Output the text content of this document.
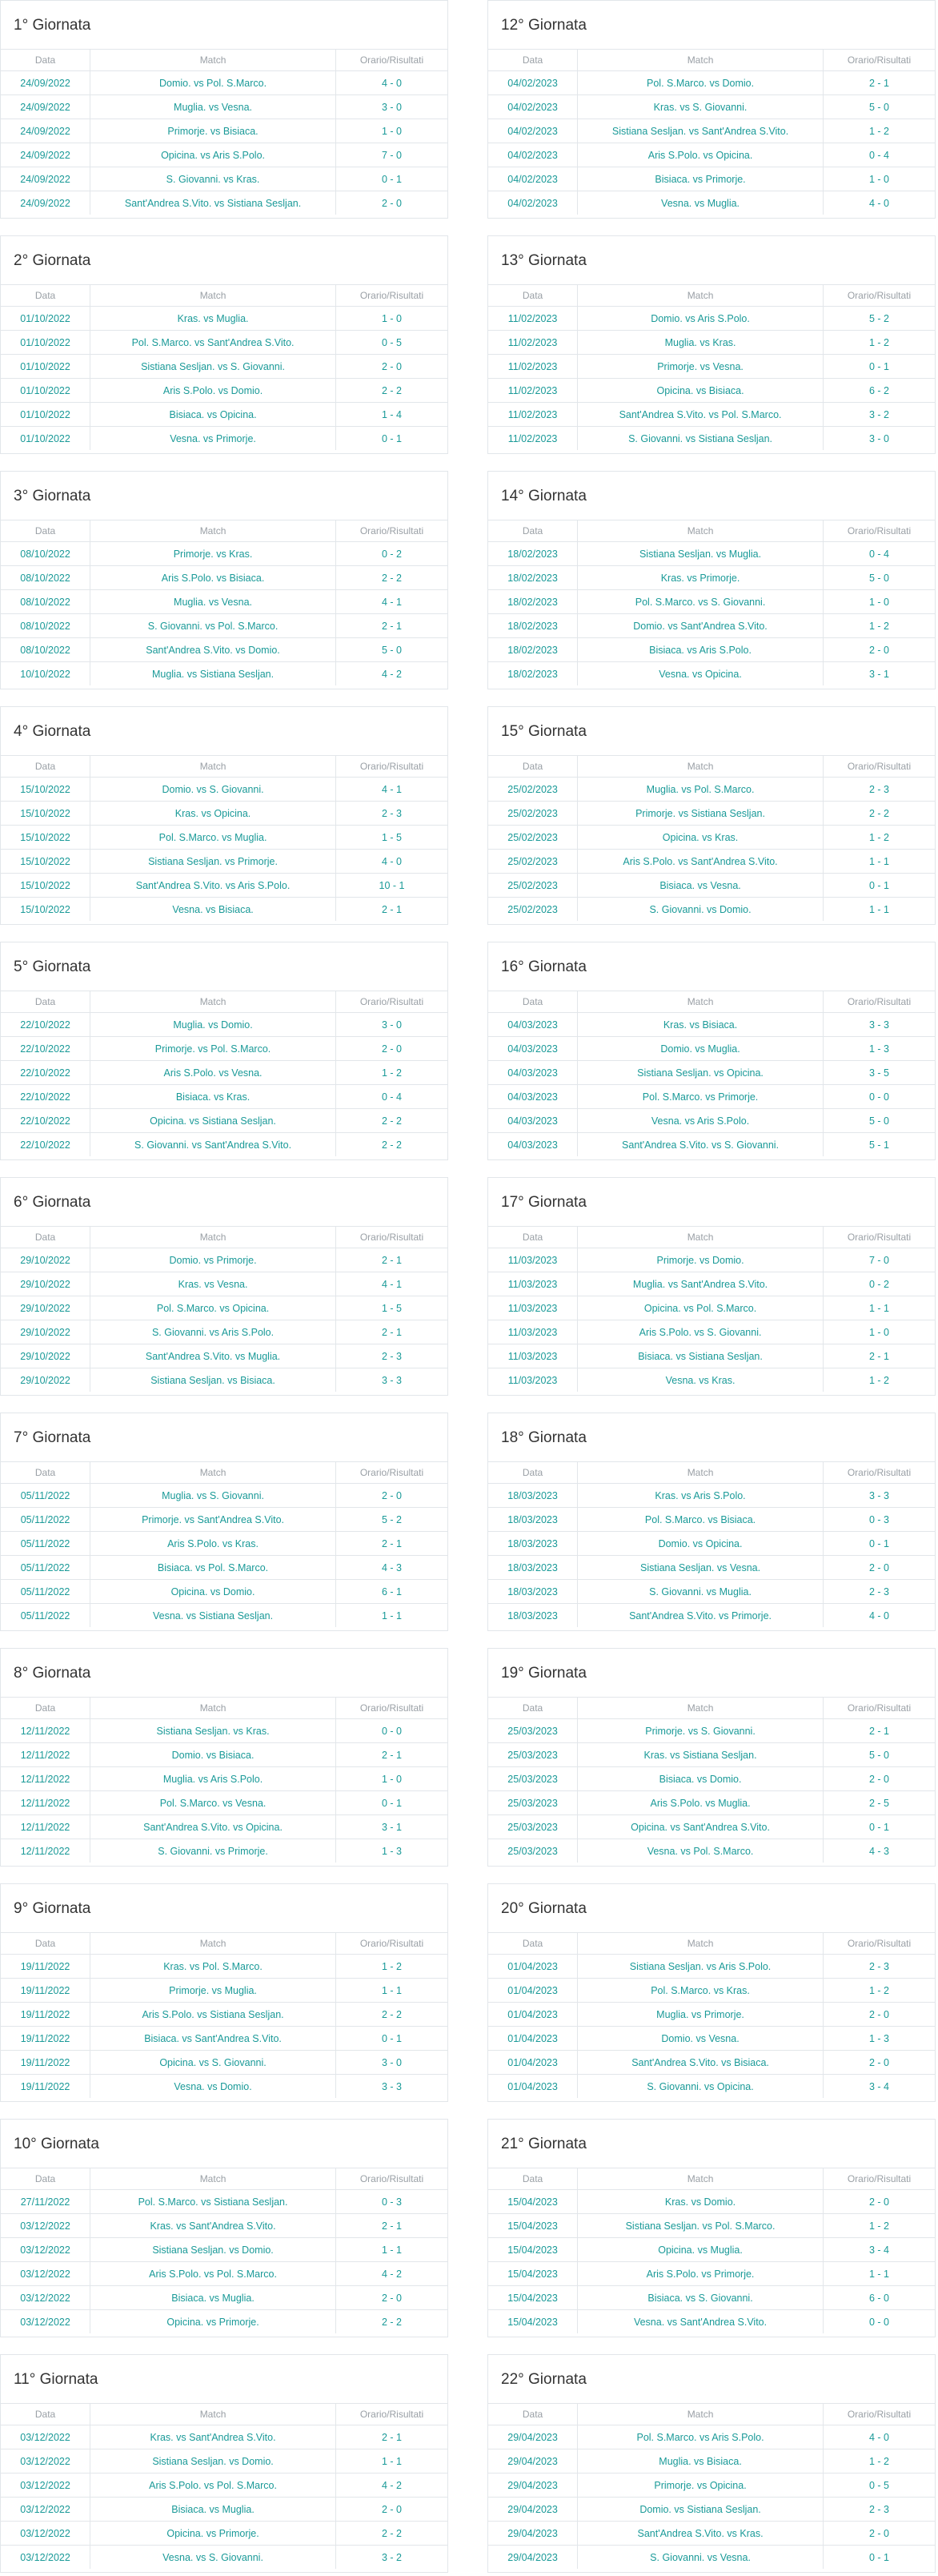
1° Giornata
Data	Match	Orario/Risultati
24/09/2022	Domio. vs Pol. S.Marco.	4 - 0
24/09/2022	Muglia. vs Vesna.	3 - 0
24/09/2022	Primorje. vs Bisiaca.	1 - 0
24/09/2022	Opicina. vs Aris S.Polo.	7 - 0
24/09/2022	S. Giovanni. vs Kras.	0 - 1
24/09/2022	Sant'Andrea S.Vito. vs Sistiana Sesljan.	2 - 0
2° Giornata
Data	Match	Orario/Risultati
01/10/2022	Kras. vs Muglia.	1 - 0
01/10/2022	Pol. S.Marco. vs Sant'Andrea S.Vito.	0 - 5
01/10/2022	Sistiana Sesljan. vs S. Giovanni.	2 - 0
01/10/2022	Aris S.Polo. vs Domio.	2 - 2
01/10/2022	Bisiaca. vs Opicina.	1 - 4
01/10/2022	Vesna. vs Primorje.	0 - 1
3° Giornata
Data	Match	Orario/Risultati
08/10/2022	Primorje. vs Kras.	0 - 2
08/10/2022	Aris S.Polo. vs Bisiaca.	2 - 2
08/10/2022	Muglia. vs Vesna.	4 - 1
08/10/2022	S. Giovanni. vs Pol. S.Marco.	2 - 1
08/10/2022	Sant'Andrea S.Vito. vs Domio.	5 - 0
10/10/2022	Muglia. vs Sistiana Sesljan.	4 - 2
4° Giornata
Data	Match	Orario/Risultati
15/10/2022	Domio. vs S. Giovanni.	4 - 1
15/10/2022	Kras. vs Opicina.	2 - 3
15/10/2022	Pol. S.Marco. vs Muglia.	1 - 5
15/10/2022	Sistiana Sesljan. vs Primorje.	4 - 0
15/10/2022	Sant'Andrea S.Vito. vs Aris S.Polo.	10 - 1
15/10/2022	Vesna. vs Bisiaca.	2 - 1
5° Giornata
Data	Match	Orario/Risultati
22/10/2022	Muglia. vs Domio.	3 - 0
22/10/2022	Primorje. vs Pol. S.Marco.	2 - 0
22/10/2022	Aris S.Polo. vs Vesna.	1 - 2
22/10/2022	Bisiaca. vs Kras.	0 - 4
22/10/2022	Opicina. vs Sistiana Sesljan.	2 - 2
22/10/2022	S. Giovanni. vs Sant'Andrea S.Vito.	2 - 2
6° Giornata
Data	Match	Orario/Risultati
29/10/2022	Domio. vs Primorje.	2 - 1
29/10/2022	Kras. vs Vesna.	4 - 1
29/10/2022	Pol. S.Marco. vs Opicina.	1 - 5
29/10/2022	S. Giovanni. vs Aris S.Polo.	2 - 1
29/10/2022	Sant'Andrea S.Vito. vs Muglia.	2 - 3
29/10/2022	Sistiana Sesljan. vs Bisiaca.	3 - 3
7° Giornata
Data	Match	Orario/Risultati
05/11/2022	Muglia. vs S. Giovanni.	2 - 0
05/11/2022	Primorje. vs Sant'Andrea S.Vito.	5 - 2
05/11/2022	Aris S.Polo. vs Kras.	2 - 1
05/11/2022	Bisiaca. vs Pol. S.Marco.	4 - 3
05/11/2022	Opicina. vs Domio.	6 - 1
05/11/2022	Vesna. vs Sistiana Sesljan.	1 - 1
8° Giornata
Data	Match	Orario/Risultati
12/11/2022	Sistiana Sesljan. vs Kras.	0 - 0
12/11/2022	Domio. vs Bisiaca.	2 - 1
12/11/2022	Muglia. vs Aris S.Polo.	1 - 0
12/11/2022	Pol. S.Marco. vs Vesna.	0 - 1
12/11/2022	Sant'Andrea S.Vito. vs Opicina.	3 - 1
12/11/2022	S. Giovanni. vs Primorje.	1 - 3
9° Giornata
Data	Match	Orario/Risultati
19/11/2022	Kras. vs Pol. S.Marco.	1 - 2
19/11/2022	Primorje. vs Muglia.	1 - 1
19/11/2022	Aris S.Polo. vs Sistiana Sesljan.	2 - 2
19/11/2022	Bisiaca. vs Sant'Andrea S.Vito.	0 - 1
19/11/2022	Opicina. vs S. Giovanni.	3 - 0
19/11/2022	Vesna. vs Domio.	3 - 3
10° Giornata
Data	Match	Orario/Risultati
27/11/2022	Pol. S.Marco. vs Sistiana Sesljan.	0 - 3
03/12/2022	Kras. vs Sant'Andrea S.Vito.	2 - 1
03/12/2022	Sistiana Sesljan. vs Domio.	1 - 1
03/12/2022	Aris S.Polo. vs Pol. S.Marco.	4 - 2
03/12/2022	Bisiaca. vs Muglia.	2 - 0
03/12/2022	Opicina. vs Primorje.	2 - 2
11° Giornata
Data	Match	Orario/Risultati
03/12/2022	Kras. vs Sant'Andrea S.Vito.	2 - 1
03/12/2022	Sistiana Sesljan. vs Domio.	1 - 1
03/12/2022	Aris S.Polo. vs Pol. S.Marco.	4 - 2
03/12/2022	Bisiaca. vs Muglia.	2 - 0
03/12/2022	Opicina. vs Primorje.	2 - 2
03/12/2022	Vesna. vs S. Giovanni.	3 - 2
12° Giornata
Data	Match	Orario/Risultati
04/02/2023	Pol. S.Marco. vs Domio.	2 - 1
04/02/2023	Kras. vs S. Giovanni.	5 - 0
04/02/2023	Sistiana Sesljan. vs Sant'Andrea S.Vito.	1 - 2
04/02/2023	Aris S.Polo. vs Opicina.	0 - 4
04/02/2023	Bisiaca. vs Primorje.	1 - 0
04/02/2023	Vesna. vs Muglia.	4 - 0
13° Giornata
Data	Match	Orario/Risultati
11/02/2023	Domio. vs Aris S.Polo.	5 - 2
11/02/2023	Muglia. vs Kras.	1 - 2
11/02/2023	Primorje. vs Vesna.	0 - 1
11/02/2023	Opicina. vs Bisiaca.	6 - 2
11/02/2023	Sant'Andrea S.Vito. vs Pol. S.Marco.	3 - 2
11/02/2023	S. Giovanni. vs Sistiana Sesljan.	3 - 0
14° Giornata
Data	Match	Orario/Risultati
18/02/2023	Sistiana Sesljan. vs Muglia.	0 - 4
18/02/2023	Kras. vs Primorje.	5 - 0
18/02/2023	Pol. S.Marco. vs S. Giovanni.	1 - 0
18/02/2023	Domio. vs Sant'Andrea S.Vito.	1 - 2
18/02/2023	Bisiaca. vs Aris S.Polo.	2 - 0
18/02/2023	Vesna. vs Opicina.	3 - 1
15° Giornata
Data	Match	Orario/Risultati
25/02/2023	Muglia. vs Pol. S.Marco.	2 - 3
25/02/2023	Primorje. vs Sistiana Sesljan.	2 - 2
25/02/2023	Opicina. vs Kras.	1 - 2
25/02/2023	Aris S.Polo. vs Sant'Andrea S.Vito.	1 - 1
25/02/2023	Bisiaca. vs Vesna.	0 - 1
25/02/2023	S. Giovanni. vs Domio.	1 - 1
16° Giornata
Data	Match	Orario/Risultati
04/03/2023	Kras. vs Bisiaca.	3 - 3
04/03/2023	Domio. vs Muglia.	1 - 3
04/03/2023	Sistiana Sesljan. vs Opicina.	3 - 5
04/03/2023	Pol. S.Marco. vs Primorje.	0 - 0
04/03/2023	Vesna. vs Aris S.Polo.	5 - 0
04/03/2023	Sant'Andrea S.Vito. vs S. Giovanni.	5 - 1
17° Giornata
Data	Match	Orario/Risultati
11/03/2023	Primorje. vs Domio.	7 - 0
11/03/2023	Muglia. vs Sant'Andrea S.Vito.	0 - 2
11/03/2023	Opicina. vs Pol. S.Marco.	1 - 1
11/03/2023	Aris S.Polo. vs S. Giovanni.	1 - 0
11/03/2023	Bisiaca. vs Sistiana Sesljan.	2 - 1
11/03/2023	Vesna. vs Kras.	1 - 2
18° Giornata
Data	Match	Orario/Risultati
18/03/2023	Kras. vs Aris S.Polo.	3 - 3
18/03/2023	Pol. S.Marco. vs Bisiaca.	0 - 3
18/03/2023	Domio. vs Opicina.	0 - 1
18/03/2023	Sistiana Sesljan. vs Vesna.	2 - 0
18/03/2023	S. Giovanni. vs Muglia.	2 - 3
18/03/2023	Sant'Andrea S.Vito. vs Primorje.	4 - 0
19° Giornata
Data	Match	Orario/Risultati
25/03/2023	Primorje. vs S. Giovanni.	2 - 1
25/03/2023	Kras. vs Sistiana Sesljan.	5 - 0
25/03/2023	Bisiaca. vs Domio.	2 - 0
25/03/2023	Aris S.Polo. vs Muglia.	2 - 5
25/03/2023	Opicina. vs Sant'Andrea S.Vito.	0 - 1
25/03/2023	Vesna. vs Pol. S.Marco.	4 - 3
20° Giornata
Data	Match	Orario/Risultati
01/04/2023	Sistiana Sesljan. vs Aris S.Polo.	2 - 3
01/04/2023	Pol. S.Marco. vs Kras.	1 - 2
01/04/2023	Muglia. vs Primorje.	2 - 0
01/04/2023	Domio. vs Vesna.	1 - 3
01/04/2023	Sant'Andrea S.Vito. vs Bisiaca.	2 - 0
01/04/2023	S. Giovanni. vs Opicina.	3 - 4
21° Giornata
Data	Match	Orario/Risultati
15/04/2023	Kras. vs Domio.	2 - 0
15/04/2023	Sistiana Sesljan. vs Pol. S.Marco.	1 - 2
15/04/2023	Opicina. vs Muglia.	3 - 4
15/04/2023	Aris S.Polo. vs Primorje.	1 - 1
15/04/2023	Bisiaca. vs S. Giovanni.	6 - 0
15/04/2023	Vesna. vs Sant'Andrea S.Vito.	0 - 0
22° Giornata
Data	Match	Orario/Risultati
29/04/2023	Pol. S.Marco. vs Aris S.Polo.	4 - 0
29/04/2023	Muglia. vs Bisiaca.	1 - 2
29/04/2023	Primorje. vs Opicina.	0 - 5
29/04/2023	Domio. vs Sistiana Sesljan.	2 - 3
29/04/2023	Sant'Andrea S.Vito. vs Kras.	2 - 0
29/04/2023	S. Giovanni. vs Vesna.	0 - 1
